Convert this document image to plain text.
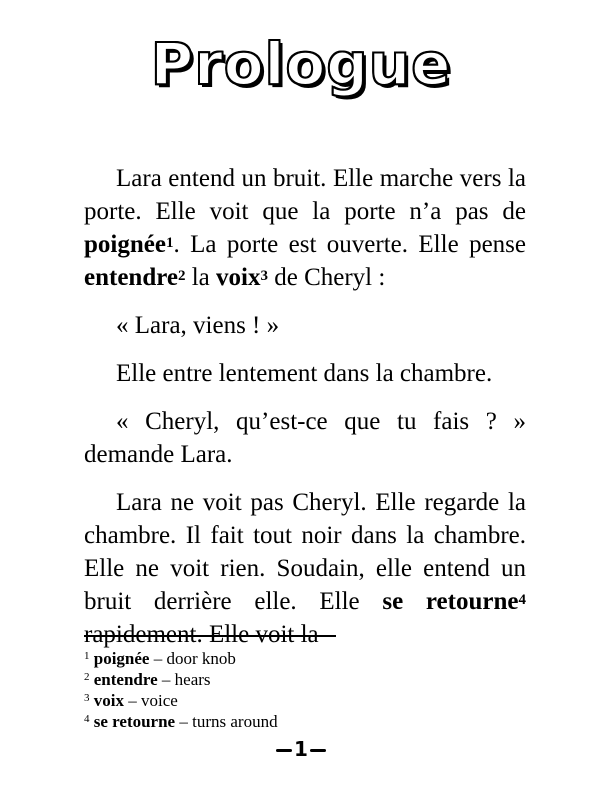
Prologue

Lara entend un bruit. Elle marche vers la porte. Elle voit que la porte n’a pas de poignée$^1$. La porte est ouverte. Elle pense entendre$^2$ la voix$^3$ de Cheryl :

« Lara, viens ! »

Elle entre lentement dans la chambre.

« Cheryl, qu’est-ce que tu fais ? » demande Lara.

Lara ne voit pas Cheryl. Elle regarde la chambre. Il fait tout noir dans la chambre. Elle ne voit rien. Soudain, elle entend un bruit derrière elle. Elle se retourne$^4$ rapidement. Elle voit la

$^1$ poignée – door knob
$^2$ entendre – hears
$^3$ voix – voice
$^4$ se retourne – turns around
1
